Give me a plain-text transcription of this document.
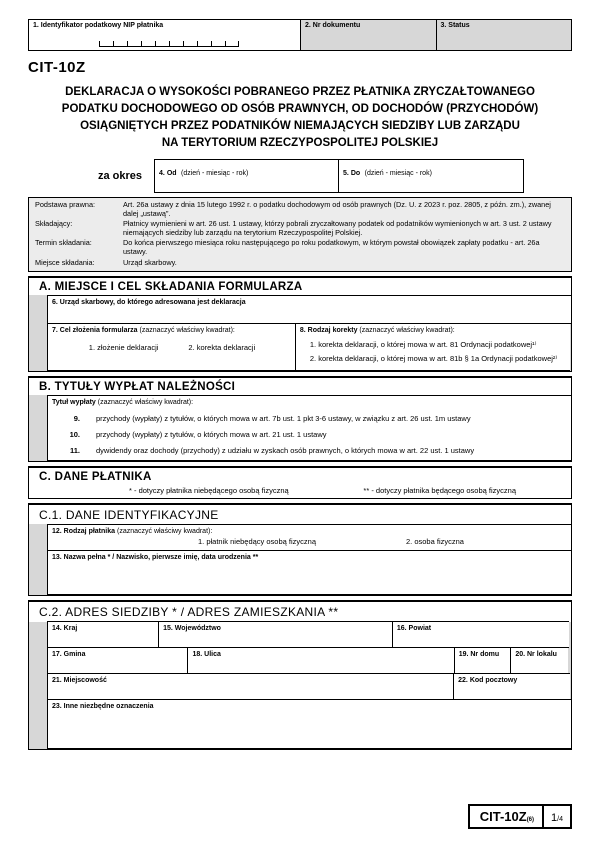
1. Identyfikator podatkowy NIP płatnika	2. Nr dokumentu	3. Status
CIT-10Z
DEKLARACJA O WYSOKOŚCI POBRANEGO PRZEZ PŁATNIKA ZRYCZAŁTOWANEGO
PODATKU DOCHODOWEGO OD OSÓB PRAWNYCH, OD DOCHODÓW (PRZYCHODÓW)
OSIĄGNIĘTYCH PRZEZ PODATNIKÓW NIEMAJĄCYCH SIEDZIBY LUB ZARZĄDU
NA TERYTORIUM RZECZYPOSPOLITEJ POLSKIEJ
za okres	4. Od (dzień - miesiąc - rok)	5. Do (dzień - miesiąc - rok)
Podstawa prawna:	Art. 26a ustawy z dnia 15 lutego 1992 r. o podatku dochodowym od osób prawnych (Dz. U. z 2023 r. poz. 2805, z późn. zm.), zwanej dalej „ustawą”.
Składający:	Płatnicy wymienieni w art. 26 ust. 1 ustawy, którzy pobrali zryczałtowany podatek od podatników wymienionych w art. 3 ust. 2 ustawy niemających siedziby lub zarządu na terytorium Rzeczypospolitej Polskiej.
Termin składania:	Do końca pierwszego miesiąca roku następującego po roku podatkowym, w którym powstał obowiązek zapłaty podatku - art. 26a ustawy.
Miejsce składania:	Urząd skarbowy.
A. MIEJSCE I CEL SKŁADANIA FORMULARZA
6. Urząd skarbowy, do którego adresowana jest deklaracja
7. Cel złożenia formularza (zaznaczyć właściwy kwadrat):
1. złożenie deklaracji	2. korekta deklaracji
8. Rodzaj korekty (zaznaczyć właściwy kwadrat):
1. korekta deklaracji, o której mowa w art. 81 Ordynacji podatkowej¹⁾
2. korekta deklaracji, o której mowa w art. 81b § 1a Ordynacji podatkowej²⁾
B. TYTUŁY WYPŁAT NALEŻNOŚCI
Tytuł wypłaty (zaznaczyć właściwy kwadrat):
9. przychody (wypłaty) z tytułów, o których mowa w art. 7b ust. 1 pkt 3-6 ustawy, w związku z art. 26 ust. 1m ustawy
10. przychody (wypłaty) z tytułów, o których mowa w art. 21 ust. 1 ustawy
11. dywidendy oraz dochody (przychody) z udziału w zyskach osób prawnych, o których mowa w art. 22 ust. 1 ustawy
C. DANE PŁATNIKA
* - dotyczy płatnika niebędącego osobą fizyczną	** - dotyczy płatnika będącego osobą fizyczną
C.1. DANE IDENTYFIKACYJNE
12. Rodzaj płatnika (zaznaczyć właściwy kwadrat):
1. płatnik niebędący osobą fizyczną	2. osoba fizyczna
13. Nazwa pełna * / Nazwisko, pierwsze imię, data urodzenia **
C.2. ADRES SIEDZIBY * / ADRES ZAMIESZKANIA **
14. Kraj	15. Województwo	16. Powiat
17. Gmina	18. Ulica	19. Nr domu	20. Nr lokalu
21. Miejscowość	22. Kod pocztowy
23. Inne niezbędne oznaczenia
CIT-10Z(6)	1 /4
